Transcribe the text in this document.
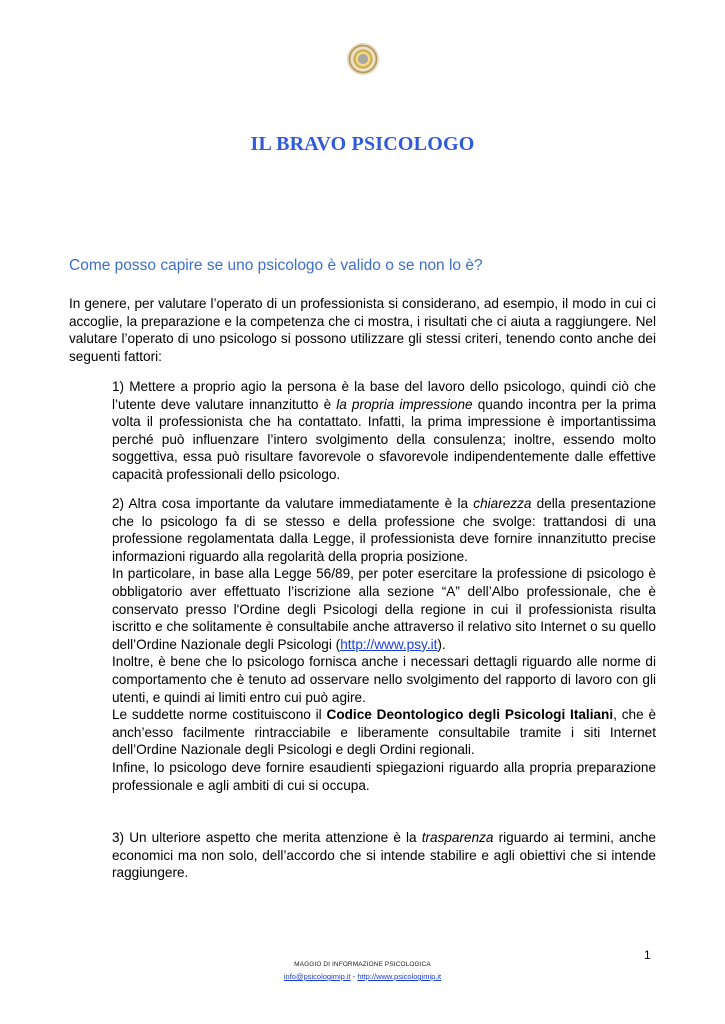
IL BRAVO PSICOLOGO
Come posso capire se uno psicologo è valido o se non lo è?

In genere, per valutare l’operato di un professionista si considerano, ad esempio, il modo in cui ci accoglie, la preparazione e la competenza che ci mostra, i risultati che ci aiuta a raggiungere. Nel valutare l’operato di uno psicologo si possono utilizzare gli stessi criteri, tenendo conto anche dei seguenti fattori:

1) Mettere a proprio agio la persona è la base del lavoro dello psicologo, quindi ciò che l’utente deve valutare innanzitutto è la propria impressione quando incontra per la prima volta il professionista che ha contattato. Infatti, la prima impressione è importantissima perché può influenzare l’intero svolgimento della consulenza; inoltre, essendo molto soggettiva, essa può risultare favorevole o sfavorevole indipendentemente dalle effettive capacità professionali dello psicologo.

2) Altra cosa importante da valutare immediatamente è la chiarezza della presentazione che lo psicologo fa di se stesso e della professione che svolge: trattandosi di una professione regolamentata dalla Legge, il professionista deve fornire innanzitutto precise informazioni riguardo alla regolarità della propria posizione.

In particolare, in base alla Legge 56/89, per poter esercitare la professione di psicologo è obbligatorio aver effettuato l’iscrizione alla sezione “A” dell’Albo professionale, che è conservato presso l'Ordine degli Psicologi della regione in cui il professionista risulta iscritto e che solitamente è consultabile anche attraverso il relativo sito Internet o su quello dell’Ordine Nazionale degli Psicologi (http://www.psy.it).

Inoltre, è bene che lo psicologo fornisca anche i necessari dettagli riguardo alle norme di comportamento che è tenuto ad osservare nello svolgimento del rapporto di lavoro con gli utenti, e quindi ai limiti entro cui può agire.

Le suddette norme costituiscono il Codice Deontologico degli Psicologi Italiani, che è anch’esso facilmente rintracciabile e liberamente consultabile tramite i siti Internet dell’Ordine Nazionale degli Psicologi e degli Ordini regionali.

Infine, lo psicologo deve fornire esaudienti spiegazioni riguardo alla propria preparazione professionale e agli ambiti di cui si occupa.

3) Un ulteriore aspetto che merita attenzione è la trasparenza riguardo ai termini, anche economici ma non solo, dell’accordo che si intende stabilire e agli obiettivi che si intende raggiungere.

1
MAGGIO DI INFORMAZIONE PSICOLOGICA
info@psicologimip.it - http://www.psicologimip.it
